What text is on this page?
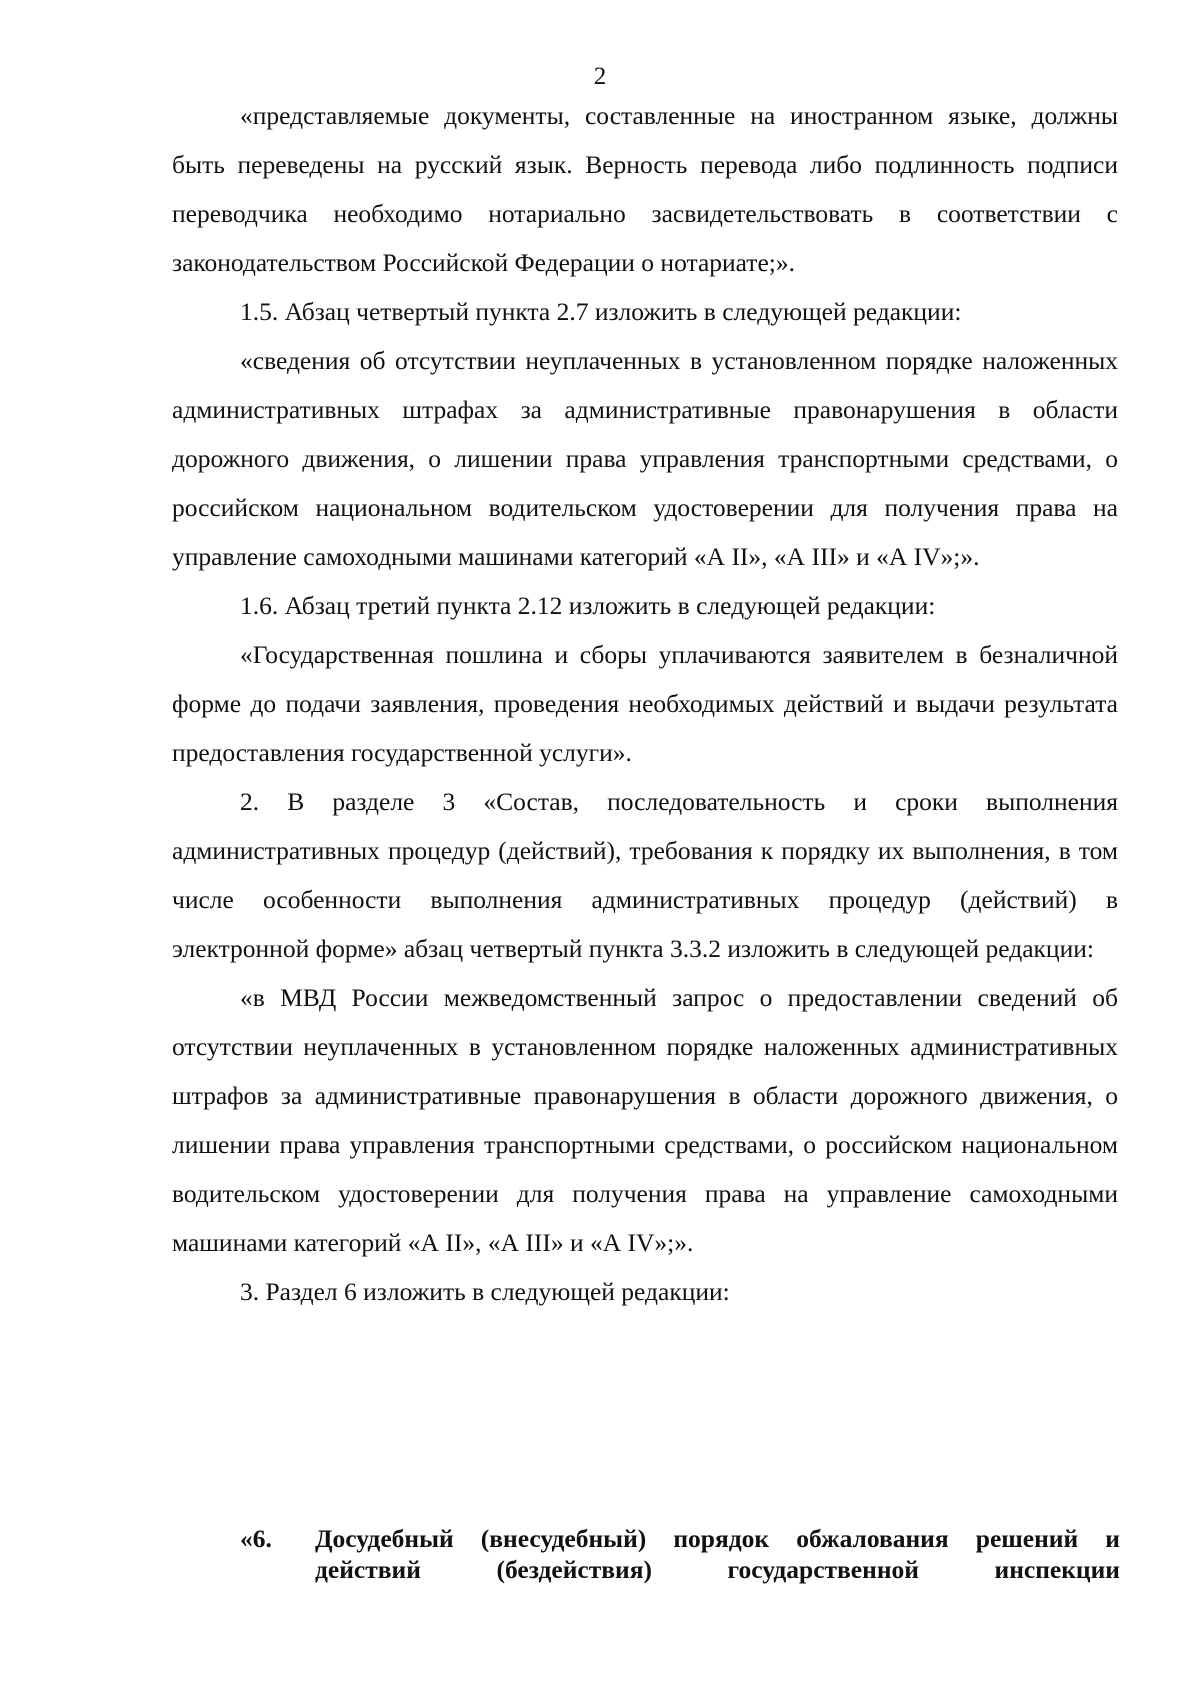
2

«представляемые документы, составленные на иностранном языке, должны быть переведены на русский язык. Верность перевода либо подлинность подписи переводчика необходимо нотариально засвидетельствовать в соответствии с законодательством Российской Федерации о нотариате;».

1.5. Абзац четвертый пункта 2.7 изложить в следующей редакции:

«сведения об отсутствии неуплаченных в установленном порядке наложенных административных штрафах за административные правонарушения в области дорожного движения, о лишении права управления транспортными средствами, о российском национальном водительском удостоверении для получения права на управление самоходными машинами категорий «А II», «А III» и «А IV»;».

1.6. Абзац третий пункта 2.12 изложить в следующей редакции:

«Государственная пошлина и сборы уплачиваются заявителем в безналичной форме до подачи заявления, проведения необходимых действий и выдачи результата предоставления государственной услуги».

2. В разделе 3 «Состав, последовательность и сроки выполнения административных процедур (действий), требования к порядку их выполнения, в том числе особенности выполнения административных процедур (действий) в электронной форме» абзац четвертый пункта 3.3.2 изложить в следующей редакции:

«в МВД России межведомственный запрос о предоставлении сведений об отсутствии неуплаченных в установленном порядке наложенных административных штрафов за административные правонарушения в области дорожного движения, о лишении права управления транспортными средствами, о российском национальном водительском удостоверении для получения права на управление самоходными машинами категорий «А II», «А III» и «А IV»;».

3. Раздел 6 изложить в следующей редакции:

«6. Досудебный (внесудебный) порядок обжалования решений и действий (бездействия) государственной инспекции
